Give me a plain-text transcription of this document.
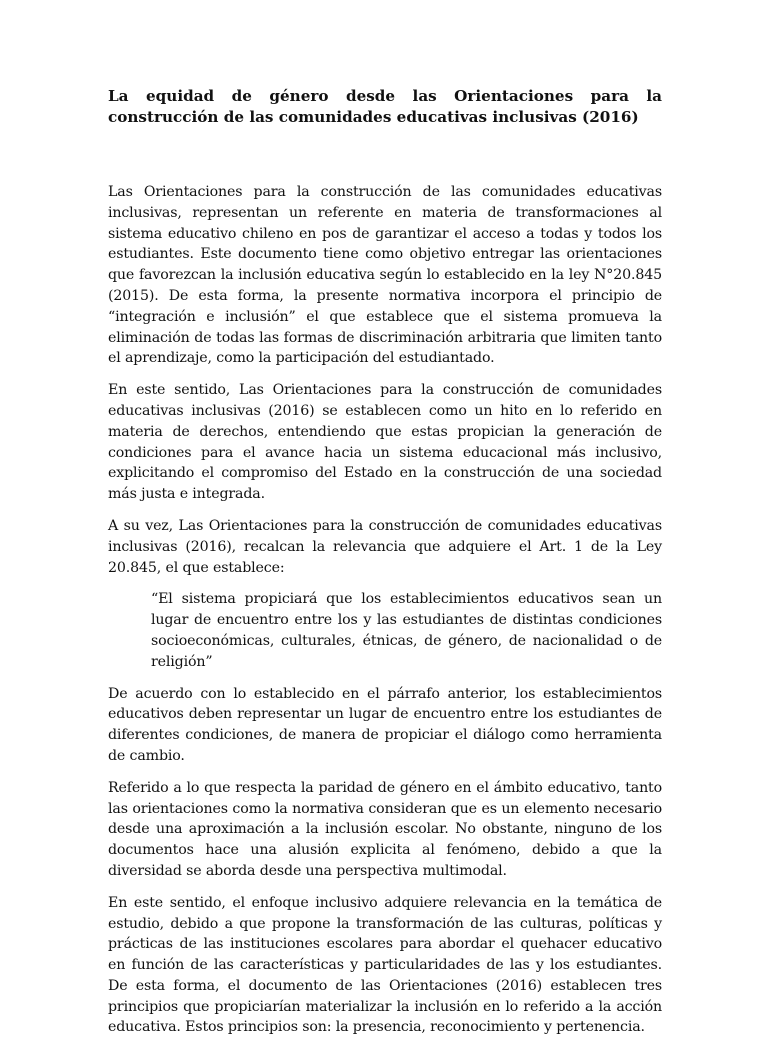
La equidad de género desde las Orientaciones para la construcción de las comunidades educativas inclusivas (2016)

Las Orientaciones para la construcción de las comunidades educativas inclusivas, representan un referente en materia de transformaciones al sistema educativo chileno en pos de garantizar el acceso a todas y todos los estudiantes. Este documento tiene como objetivo entregar las orientaciones que favorezcan la inclusión educativa según lo establecido en la ley N°20.845 (2015). De esta forma, la presente normativa incorpora el principio de “integración e inclusión” el que establece que el sistema promueva la eliminación de todas las formas de discriminación arbitraria que limiten tanto el aprendizaje, como la participación del estudiantado.

En este sentido, Las Orientaciones para la construcción de comunidades educativas inclusivas (2016) se establecen como un hito en lo referido en materia de derechos, entendiendo que estas propician la generación de condiciones para el avance hacia un sistema educacional más inclusivo, explicitando el compromiso del Estado en la construcción de una sociedad más justa e integrada.

A su vez, Las Orientaciones para la construcción de comunidades educativas inclusivas (2016), recalcan la relevancia que adquiere el Art. 1 de la Ley 20.845, el que establece:

“El sistema propiciará que los establecimientos educativos sean un lugar de encuentro entre los y las estudiantes de distintas condiciones socioeconómicas, culturales, étnicas, de género, de nacionalidad o de religión”

De acuerdo con lo establecido en el párrafo anterior, los establecimientos educativos deben representar un lugar de encuentro entre los estudiantes de diferentes condiciones, de manera de propiciar el diálogo como herramienta de cambio.

Referido a lo que respecta la paridad de género en el ámbito educativo, tanto las orientaciones como la normativa consideran que es un elemento necesario desde una aproximación a la inclusión escolar. No obstante, ninguno de los documentos hace una alusión explicita al fenómeno, debido a que la diversidad se aborda desde una perspectiva multimodal.

En este sentido, el enfoque inclusivo adquiere relevancia en la temática de estudio, debido a que propone la transformación de las culturas, políticas y prácticas de las instituciones escolares para abordar el quehacer educativo en función de las características y particularidades de las y los estudiantes. De esta forma, el documento de las Orientaciones (2016) establecen tres principios que propiciarían materializar la inclusión en lo referido a la acción educativa. Estos principios son: la presencia, reconocimiento y pertenencia.
